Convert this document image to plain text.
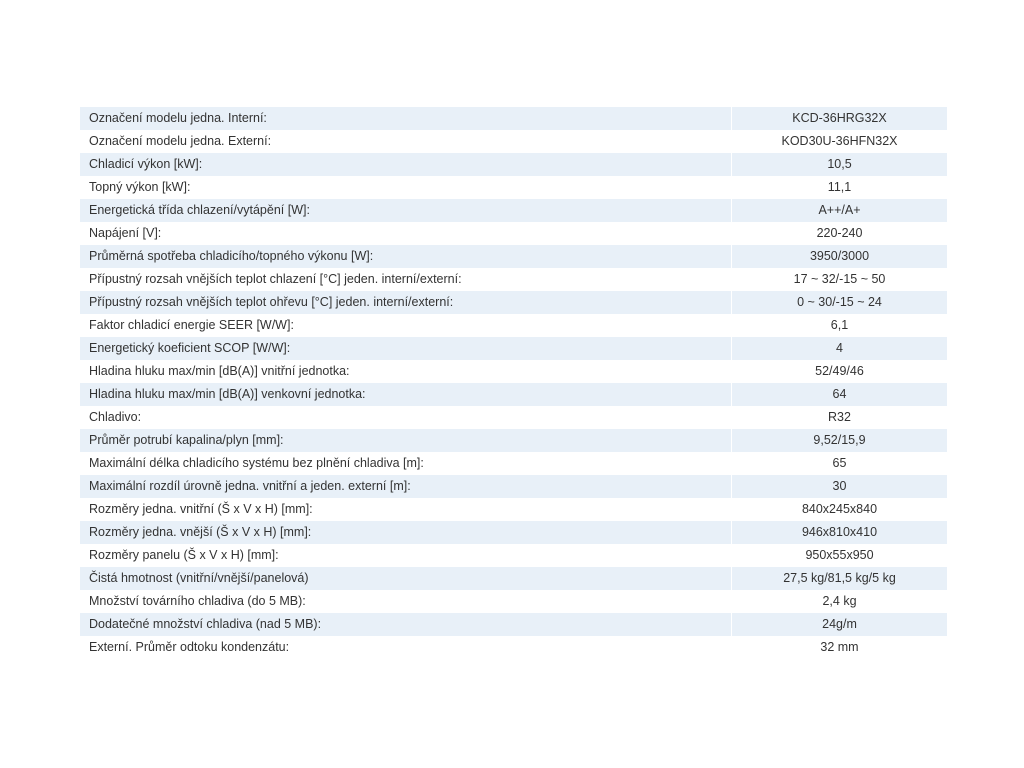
Označení modelu jedna. Interní:	KCD-36HRG32X
Označení modelu jedna. Externí:	KOD30U-36HFN32X
Chladicí výkon [kW]:	10,5
Topný výkon [kW]:	11,1
Energetická třída chlazení/vytápění [W]:	A++/A+
Napájení [V]:	220-240
Průměrná spotřeba chladicího/topného výkonu [W]:	3950/3000
Přípustný rozsah vnějších teplot chlazení [°C] jeden. interní/externí:	17 ~ 32/-15 ~ 50
Přípustný rozsah vnějších teplot ohřevu [°C] jeden. interní/externí:	0 ~ 30/-15 ~ 24
Faktor chladicí energie SEER [W/W]:	6,1
Energetický koeficient SCOP [W/W]:	4
Hladina hluku max/min [dB(A)] vnitřní jednotka:	52/49/46
Hladina hluku max/min [dB(A)] venkovní jednotka:	64
Chladivo:	R32
Průměr potrubí kapalina/plyn [mm]:	9,52/15,9
Maximální délka chladicího systému bez plnění chladiva [m]:	65
Maximální rozdíl úrovně jedna. vnitřní a jeden. externí [m]:	30
Rozměry jedna. vnitřní (Š x V x H) [mm]:	840x245x840
Rozměry jedna. vnější (Š x V x H) [mm]:	946x810x410
Rozměry panelu (Š x V x H) [mm]:	950x55x950
Čistá hmotnost (vnitřní/vnější/panelová)	27,5 kg/81,5 kg/5 kg
Množství továrního chladiva (do 5 MB):	2,4 kg
Dodatečné množství chladiva (nad 5 MB):	24g/m
Externí. Průměr odtoku kondenzátu:	32 mm
